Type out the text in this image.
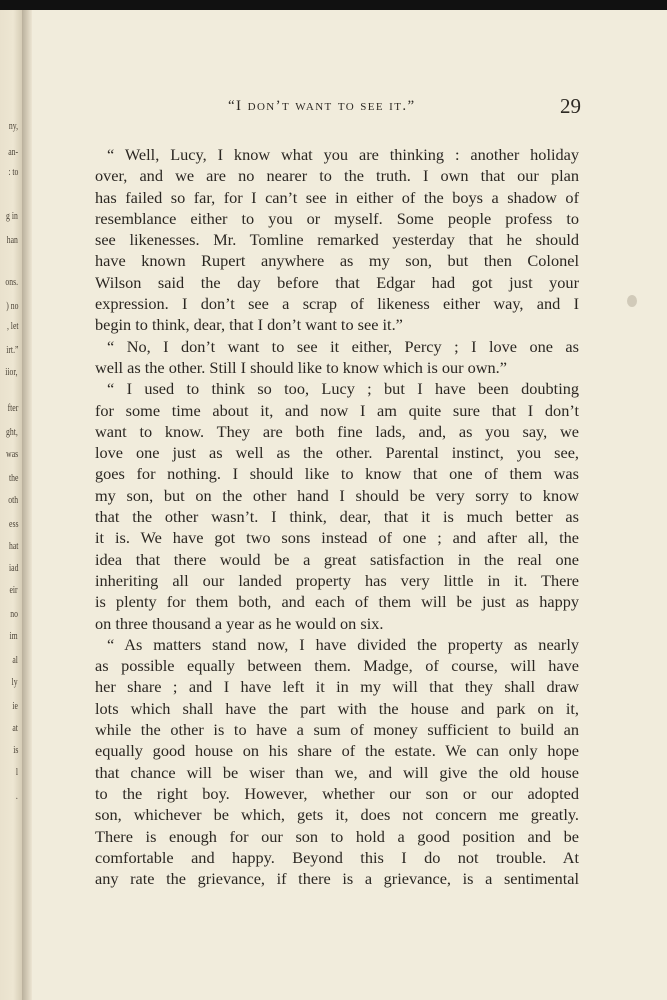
ny,
an-
: to
g in
han
ons.
) no
, let
irt.”
iior,
fter
ght,
was
the
oth
ess
hat
iad
eir
no
im
al
ly
ie
at
is
l
.
“I don’t want to see it.”	29
“ Well, Lucy, I know what you are thinking : another holiday
over, and we are no nearer to the truth. I own that our plan
has failed so far, for I can’t see in either of the boys a shadow of
resemblance either to you or myself. Some people profess to
see likenesses. Mr. Tomline remarked yesterday that he should
have known Rupert anywhere as my son, but then Colonel
Wilson said the day before that Edgar had got just your
expression. I don’t see a scrap of likeness either way, and I
begin to think, dear, that I don’t want to see it.”
“ No, I don’t want to see it either, Percy ; I love one as
well as the other. Still I should like to know which is our own.”
“ I used to think so too, Lucy ; but I have been doubting
for some time about it, and now I am quite sure that I don’t
want to know. They are both fine lads, and, as you say, we
love one just as well as the other. Parental instinct, you see,
goes for nothing. I should like to know that one of them was
my son, but on the other hand I should be very sorry to know
that the other wasn’t. I think, dear, that it is much better as
it is. We have got two sons instead of one ; and after all, the
idea that there would be a great satisfaction in the real one
inheriting all our landed property has very little in it. There
is plenty for them both, and each of them will be just as happy
on three thousand a year as he would on six.
“ As matters stand now, I have divided the property as nearly
as possible equally between them. Madge, of course, will have
her share ; and I have left it in my will that they shall draw
lots which shall have the part with the house and park on it,
while the other is to have a sum of money sufficient to build an
equally good house on his share of the estate. We can only hope
that chance will be wiser than we, and will give the old house
to the right boy. However, whether our son or our adopted
son, whichever be which, gets it, does not concern me greatly.
There is enough for our son to hold a good position and be
comfortable and happy. Beyond this I do not trouble. At
any rate the grievance, if there is a grievance, is a sentimental
